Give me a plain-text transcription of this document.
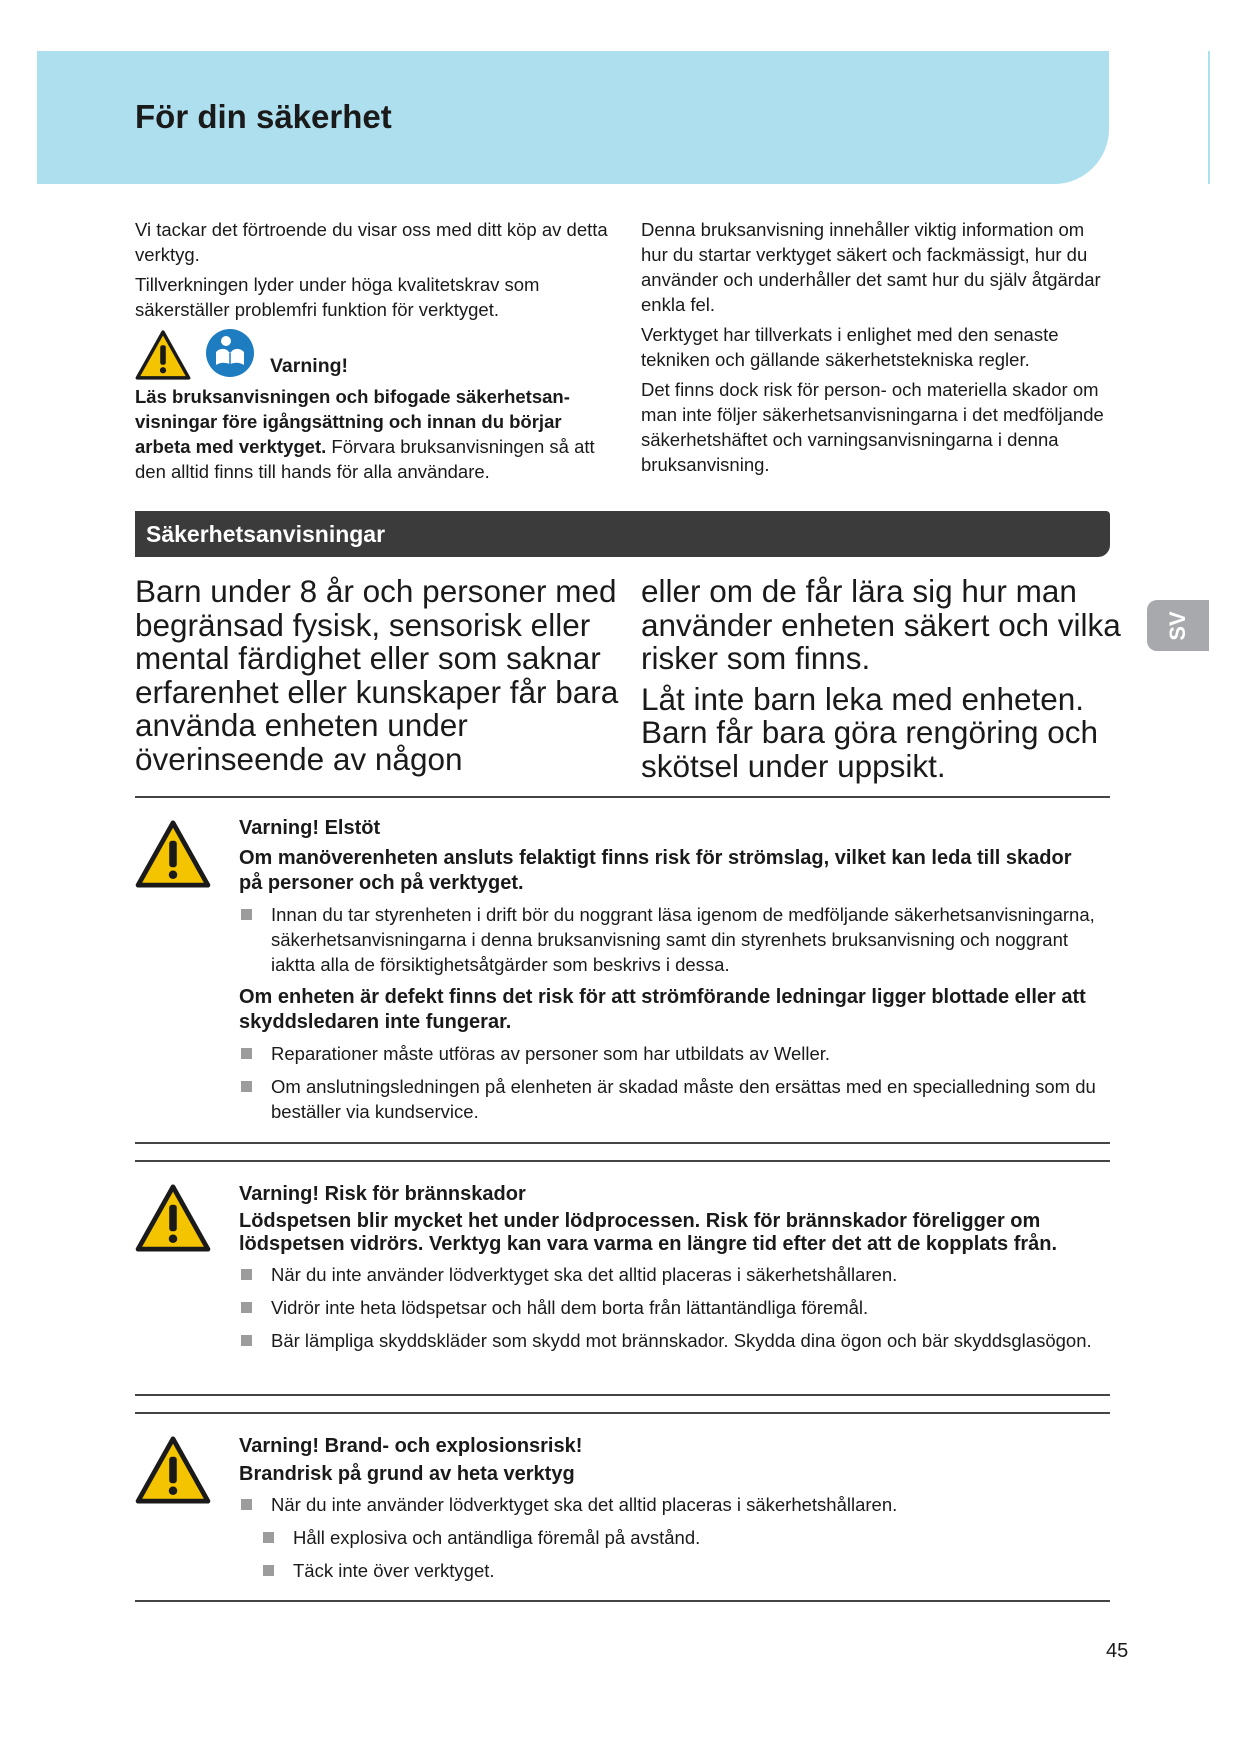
För din säkerhet
SV

Vi tackar det förtroende du visar oss med ditt köp av detta verktyg.

Tillverkningen lyder under höga kvalitetskrav som säkerställer problemfri funktion för verktyget.

Varning!

Läs bruksanvisningen och bifogade säkerhetsanvisningar före igångsättning och innan du börjar arbeta med verktyget. Förvara bruksanvisningen så att den alltid finns till hands för alla användare.

Denna bruksanvisning innehåller viktig information om hur du startar verktyget säkert och fackmässigt, hur du använder och underhåller det samt hur du själv åtgärdar enkla fel.

Verktyget har tillverkats i enlighet med den senaste tekniken och gällande säkerhetstekniska regler.

Det finns dock risk för person- och materiella skador om man inte följer säkerhetsanvisningarna i det medföljande säkerhetshäftet och varningsanvisningarna i denna bruksanvisning.

Säkerhetsanvisningar
Barn under 8 år och personer med begränsad fysisk, sensorisk eller mental färdighet eller som saknar erfarenhet eller kunskaper får bara använda enheten under överinseende av någon

eller om de får lära sig hur man använder enheten säkert och vilka risker som finns.

Låt inte barn leka med enheten. Barn får bara göra rengöring och skötsel under uppsikt.

Varning! Elstöt

Om manöverenheten ansluts felaktigt finns risk för strömslag, vilket kan leda till skador på personer och på verktyget.

Innan du tar styrenheten i drift bör du noggrant läsa igenom de medföljande säkerhetsanvisningarna, säkerhetsanvisningarna i denna bruksanvisning samt din styrenhets bruksanvisning och noggrant iaktta alla de försiktighetsåtgärder som beskrivs i dessa.

Om enheten är defekt finns det risk för att strömförande ledningar ligger blottade eller att skyddsledaren inte fungerar.

Reparationer måste utföras av personer som har utbildats av Weller.

Om anslutningsledningen på elenheten är skadad måste den ersättas med en specialledning som du beställer via kundservice.

Varning! Risk för brännskador

Lödspetsen blir mycket het under lödprocessen. Risk för brännskador föreligger om lödspetsen vidrörs. Verktyg kan vara varma en längre tid efter det att de kopplats från.

När du inte använder lödverktyget ska det alltid placeras i säkerhetshållaren.

Vidrör inte heta lödspetsar och håll dem borta från lättantändliga föremål.

Bär lämpliga skyddskläder som skydd mot brännskador. Skydda dina ögon och bär skyddsglasögon.

Varning! Brand- och explosionsrisk!

Brandrisk på grund av heta verktyg

När du inte använder lödverktyget ska det alltid placeras i säkerhetshållaren.

Håll explosiva och antändliga föremål på avstånd.

Täck inte över verktyget.

45
